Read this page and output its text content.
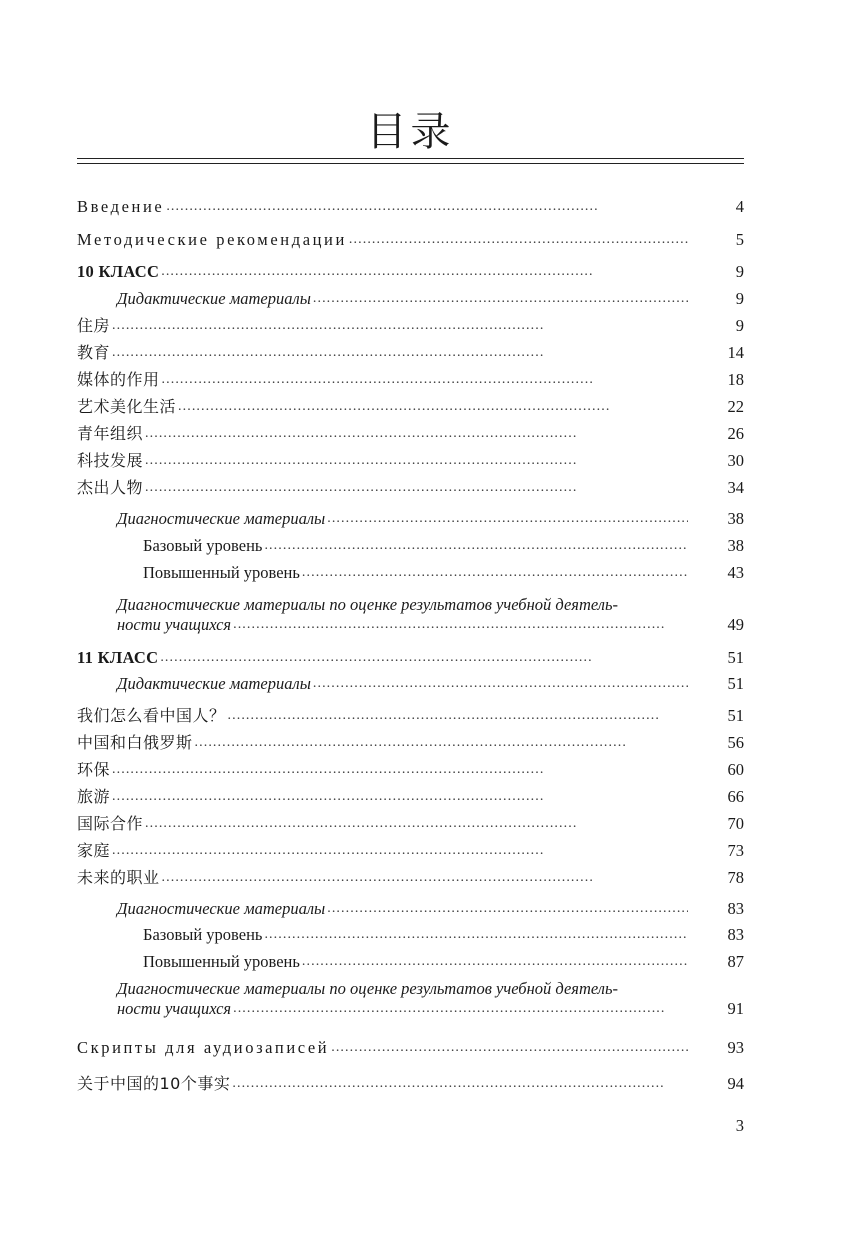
目录
Введение . . .	4
Методические рекомендации . . .	5
10 КЛАСС . . .	9
Дидактические материалы . . .	9
住房 . . .	9
教育 . . .	14
媒体的作用 . . .	18
艺术美化生活 . . .	22
青年组织 . . .	26
科技发展 . . .	30
杰出人物 . . .	34
Диагностические материалы . . .	38
Базовый уровень . . .	38
Повышенный уровень . . .	43
Диагностические материалы по оценке результатов учебной деятель-
ности учащихся . . .	49
11 КЛАСС . . .	51
Дидактические материалы . . .	51
我们怎么看中国人？ . . .	51
中国和白俄罗斯 . . .	56
环保 . . .	60
旅游 . . .	66
国际合作 . . .	70
家庭 . . .	73
未来的职业 . . .	78
Диагностические материалы . . .	83
Базовый уровень . . .	83
Повышенный уровень . . .	87
Диагностические материалы по оценке результатов учебной деятель-
ности учащихся . . .	91
Скрипты для аудиозаписей . . .	93
关于中国的10个事实 . . .	94
3
